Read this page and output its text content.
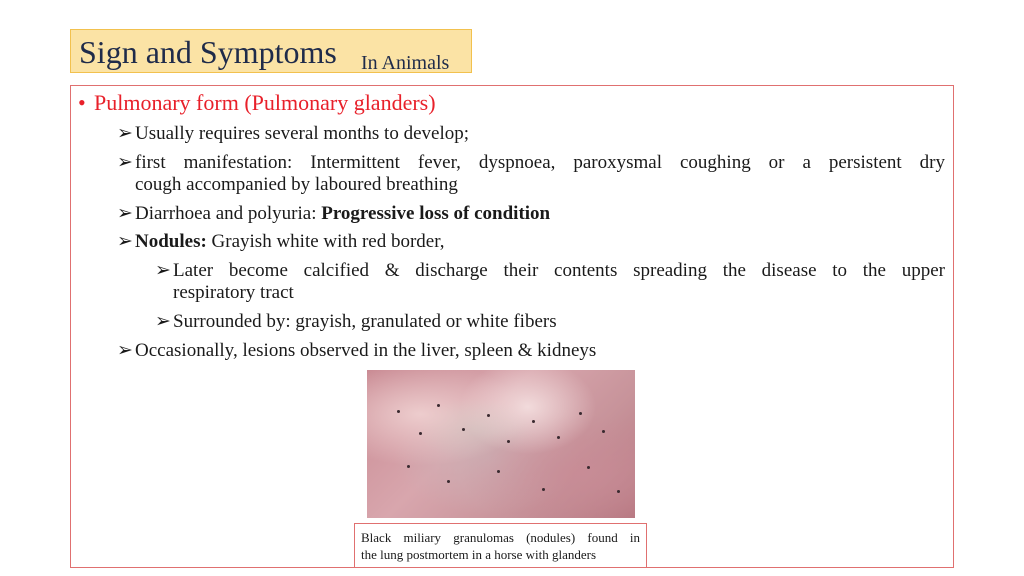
Sign and Symptoms In Animals
• Pulmonary form (Pulmonary glanders)
➢ Usually requires several months to develop;
➢ first manifestation: Intermittent fever, dyspnoea, paroxysmal coughing or a persistent dry
cough accompanied by laboured breathing
➢ Diarrhoea and polyuria: Progressive loss of condition
➢ Nodules: Grayish white with red border,
➢ Later become calcified & discharge their contents spreading the disease to the upper
respiratory tract
➢ Surrounded by: grayish, granulated or white fibers
➢ Occasionally, lesions observed in the liver, spleen & kidneys
Black miliary granulomas (nodules) found in
the lung postmortem in a horse with glanders
